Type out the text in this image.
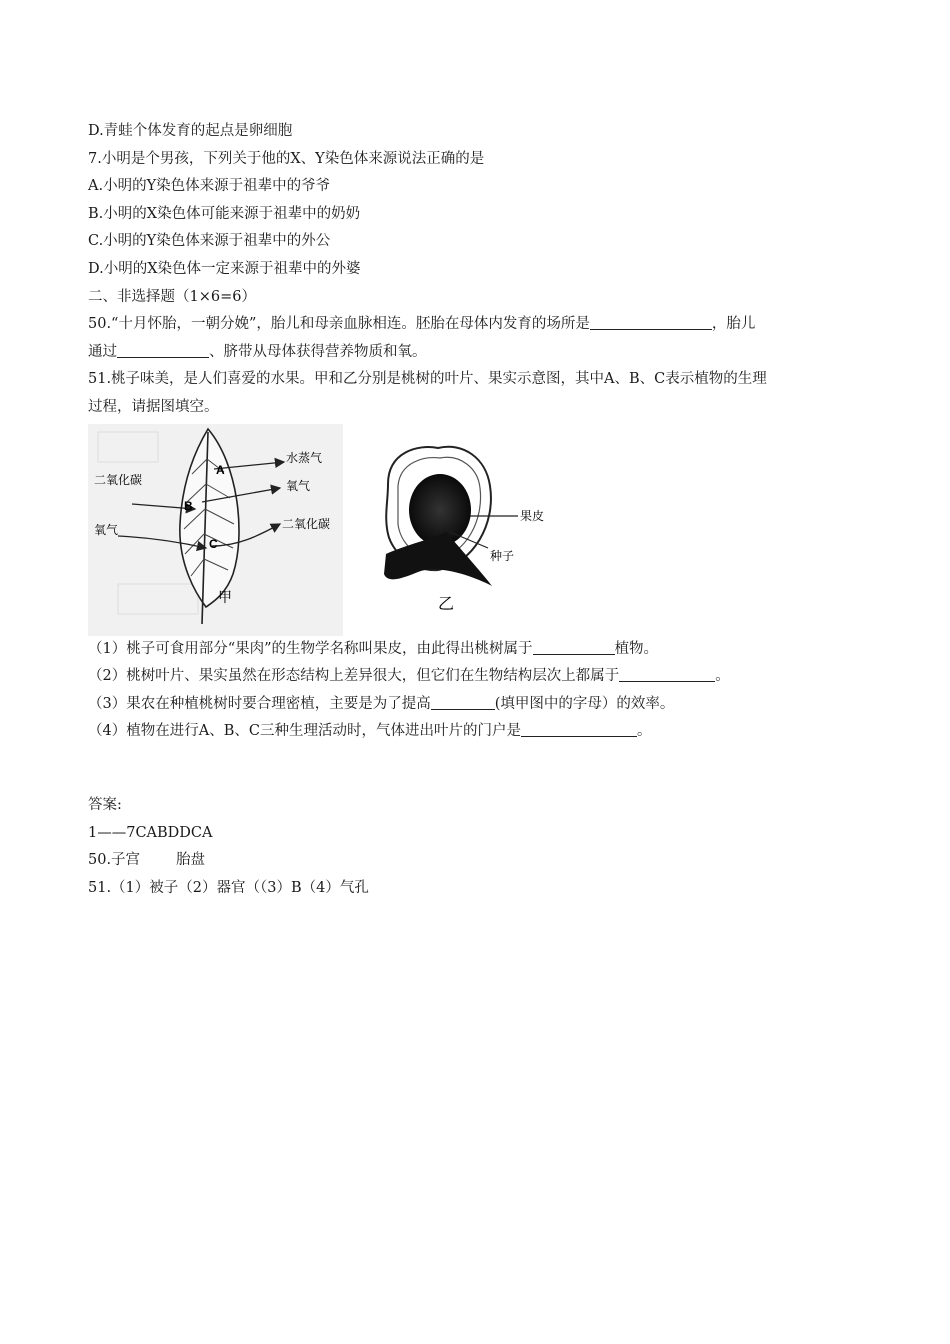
D.青蛙个体发育的起点是卵细胞
7.小明是个男孩，下列关于他的X、Y染色体来源说法正确的是
A.小明的Y染色体来源于祖辈中的爷爷
B.小明的X染色体可能来源于祖辈中的奶奶
C.小明的Y染色体来源于祖辈中的外公
D.小明的X染色体一定来源于祖辈中的外婆
二、非选择题（1×6=6）
50.“十月怀胎，一朝分娩”，胎儿和母亲血脉相连。胚胎在母体内发育的场所是	，胎儿
通过	、脐带从母体获得营养物质和氧。
51.桃子味美，是人们喜爱的水果。甲和乙分别是桃树的叶片、果实示意图，其中A、B、C表示植物的生理
过程，请据图填空。
A
B
C
水蒸气
氧气
二氧化碳
二氧化碳
氧气
甲
果皮
种子
乙
（1）桃子可食用部分“果肉”的生物学名称叫果皮，由此得出桃树属于	植物。
（2）桃树叶片、果实虽然在形态结构上差异很大，但它们在生物结构层次上都属于	。
（3）果农在种植桃树时要合理密植，主要是为了提高	(填甲图中的字母）的效率。
（4）植物在进行A、B、C三种生理活动时，气体进出叶片的门户是	。
答案:
1——7CABDDCA
50.子宫 胎盘
51.（1）被子（2）器官（（3）B（4）气孔
